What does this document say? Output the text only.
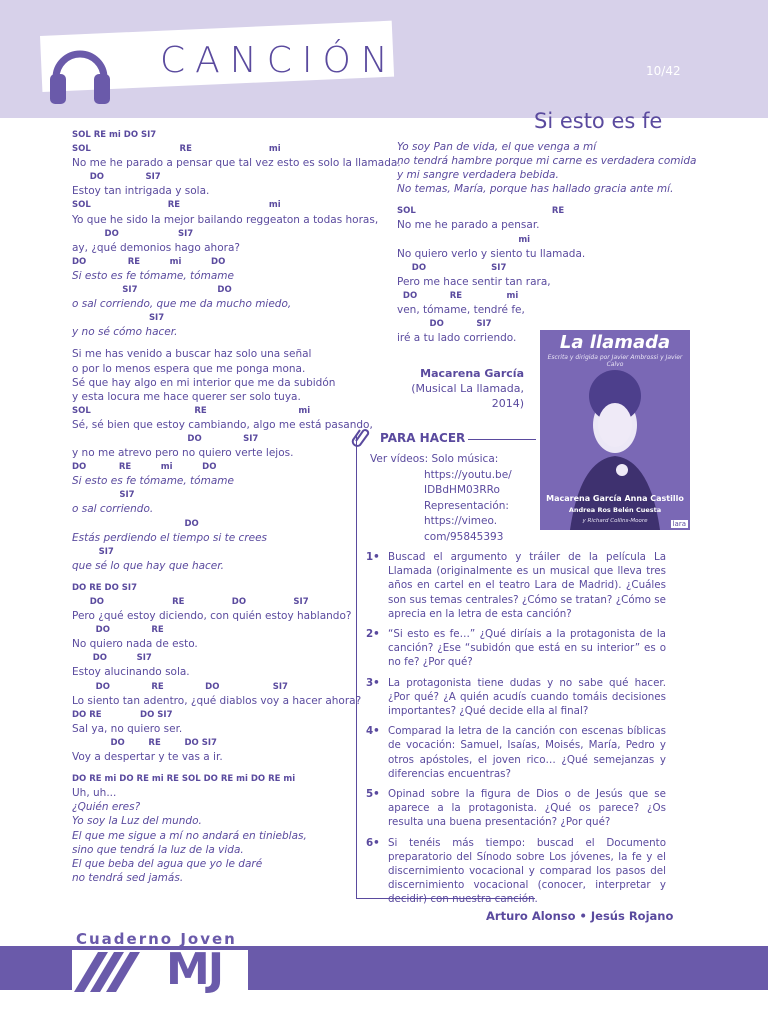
CANCIÓN	10/42
Si esto es fe
SOL RE mi DO SI7
SOL                              RE                          mi
No me he parado a pensar que tal vez esto es solo la llamada.
DO              SI7
Estoy tan intrigada y sola.
SOL                          RE                              mi
Yo que he sido la mejor bailando reggeaton a todas horas,
DO                    SI7
ay, ¿qué demonios hago ahora?
DO              RE          mi          DO
Si esto es fe tómame, tómame
SI7                           DO
o sal corriendo, que me da mucho miedo,
SI7
y no sé cómo hacer.
Si me has venido a buscar haz solo una señal
o por lo menos espera que me ponga mona.
Sé que hay algo en mi interior que me da subidón
y esta locura me hace querer ser solo tuya.
SOL                                   RE                               mi
Sé, sé bien que estoy cambiando, algo me está pasando,
DO              SI7
y no me atrevo pero no quiero verte lejos.
DO           RE          mi          DO
Si esto es fe tómame, tómame
SI7
o sal corriendo.
DO
Estás perdiendo el tiempo si te crees
SI7
que sé lo que hay que hacer.
DO RE DO SI7
DO                       RE                DO                SI7
Pero ¿qué estoy diciendo, con quién estoy hablando?
DO              RE
No quiero nada de esto.
DO          SI7
Estoy alucinando sola.
DO              RE              DO                  SI7
Lo siento tan adentro, ¿qué diablos voy a hacer ahora?
DO RE             DO SI7
Sal ya, no quiero ser.
DO        RE        DO SI7
Voy a despertar y te vas a ir.
DO RE mi DO RE mi RE SOL DO RE mi DO RE mi
Uh, uh...
¿Quién eres?
Yo soy la Luz del mundo.
El que me sigue a mí no andará en tinieblas,
sino que tendrá la luz de la vida.
El que beba del agua que yo le daré
no tendrá sed jamás.
Yo soy Pan de vida, el que venga a mí
no tendrá hambre porque mi carne es verdadera comida
y mi sangre verdadera bebida.
No temas, María, porque has hallado gracia ante mí.
SOL                                              RE
No me he parado a pensar.
mi
No quiero verlo y siento tu llamada.
DO                      SI7
Pero me hace sentir tan rara,
DO           RE               mi
ven, tómame, tendré fe,
DO           SI7
iré a tu lado corriendo.
Macarena García
(Musical La llamada, 2014)
La llamada
Escrita y dirigida por Javier Ambrossi y Javier Calvo
Macarena García Anna Castillo
Andrea Ros Belén Cuesta
y Richard Collins-Moore	lara
PARA HACER
Ver vídeos: Solo música:
https://youtu.be/
IDBdHM03RRo
Representación:
https://vimeo.
com/95845393
1• Buscad el argumento y tráiler de la película La Llamada (originalmente es un musical que lleva tres años en cartel en el teatro Lara de Madrid). ¿Cuáles son sus temas centrales? ¿Cómo se tratan? ¿Cómo se aprecia en la letra de esta canción?
2• “Si esto es fe…” ¿Qué diríais a la protagonista de la canción? ¿Ese “subidón que está en su interior” es o no fe? ¿Por qué?
3• La protagonista tiene dudas y no sabe qué hacer. ¿Por qué? ¿A quién acudís cuando tomáis decisiones importantes? ¿Qué decide ella al final?
4• Comparad la letra de la canción con escenas bíblicas de vocación: Samuel, Isaías, Moisés, María, Pedro y otros apóstoles, el joven rico… ¿Qué semejanzas y diferencias encuentras?
5• Opinad sobre la figura de Dios o de Jesús que se aparece a la protagonista. ¿Qué os parece? ¿Os resulta una buena presentación? ¿Por qué?
6• Si tenéis más tiempo: buscad el Documento preparatorio del Sínodo sobre Los jóvenes, la fe y el discernimiento vocacional y comparad los pasos del discernimiento vocacional (conocer, interpretar y decidir) con nuestra canción.
Arturo Alonso • Jesús Rojano
Cuaderno Joven
MJ
